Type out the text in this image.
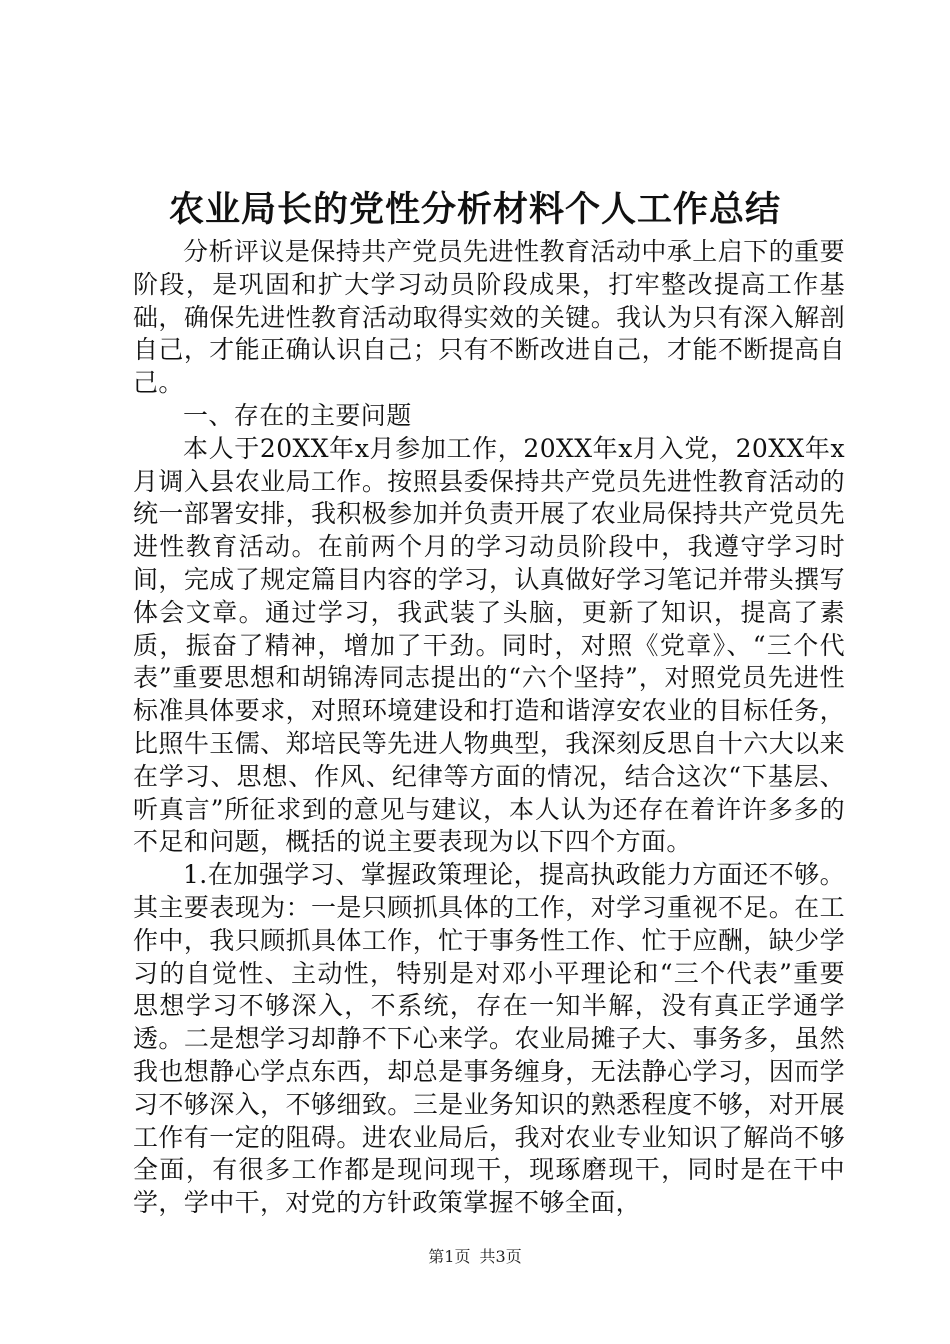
农业局长的党性分析材料个人工作总结

分析评议是保持共产党员先进性教育活动中承上启下的重要阶段，是巩固和扩大学习动员阶段成果，打牢整改提高工作基础，确保先进性教育活动取得实效的关键。我认为只有深入解剖自己，才能正确认识自己；只有不断改进自己，才能不断提高自己。

一、存在的主要问题

本人于20XX年x月参加工作，20XX年x月入党，20XX年x月调入县农业局工作。按照县委保持共产党员先进性教育活动的统一部署安排，我积极参加并负责开展了农业局保持共产党员先进性教育活动。在前两个月的学习动员阶段中，我遵守学习时间，完成了规定篇目内容的学习，认真做好学习笔记并带头撰写体会文章。通过学习，我武装了头脑，更新了知识，提高了素质，振奋了精神，增加了干劲。同时，对照《党章》、“三个代表”重要思想和胡锦涛同志提出的“六个坚持”，对照党员先进性标准具体要求，对照环境建设和打造和谐淳安农业的目标任务，比照牛玉儒、郑培民等先进人物典型，我深刻反思自十六大以来在学习、思想、作风、纪律等方面的情况，结合这次“下基层、听真言”所征求到的意见与建议，本人认为还存在着许许多多的不足和问题，概括的说主要表现为以下四个方面。

1.在加强学习、掌握政策理论，提高执政能力方面还不够。其主要表现为：一是只顾抓具体的工作，对学习重视不足。在工作中，我只顾抓具体工作，忙于事务性工作、忙于应酬，缺少学习的自觉性、主动性，特别是对邓小平理论和“三个代表”重要思想学习不够深入，不系统，存在一知半解，没有真正学通学透。二是想学习却静不下心来学。农业局摊子大、事务多，虽然我也想静心学点东西，却总是事务缠身，无法静心学习，因而学习不够深入，不够细致。三是业务知识的熟悉程度不够，对开展工作有一定的阻碍。进农业局后，我对农业专业知识了解尚不够全面，有很多工作都是现问现干，现琢磨现干，同时是在干中学，学中干，对党的方针政策掌握不够全面，

第1页 共3页
